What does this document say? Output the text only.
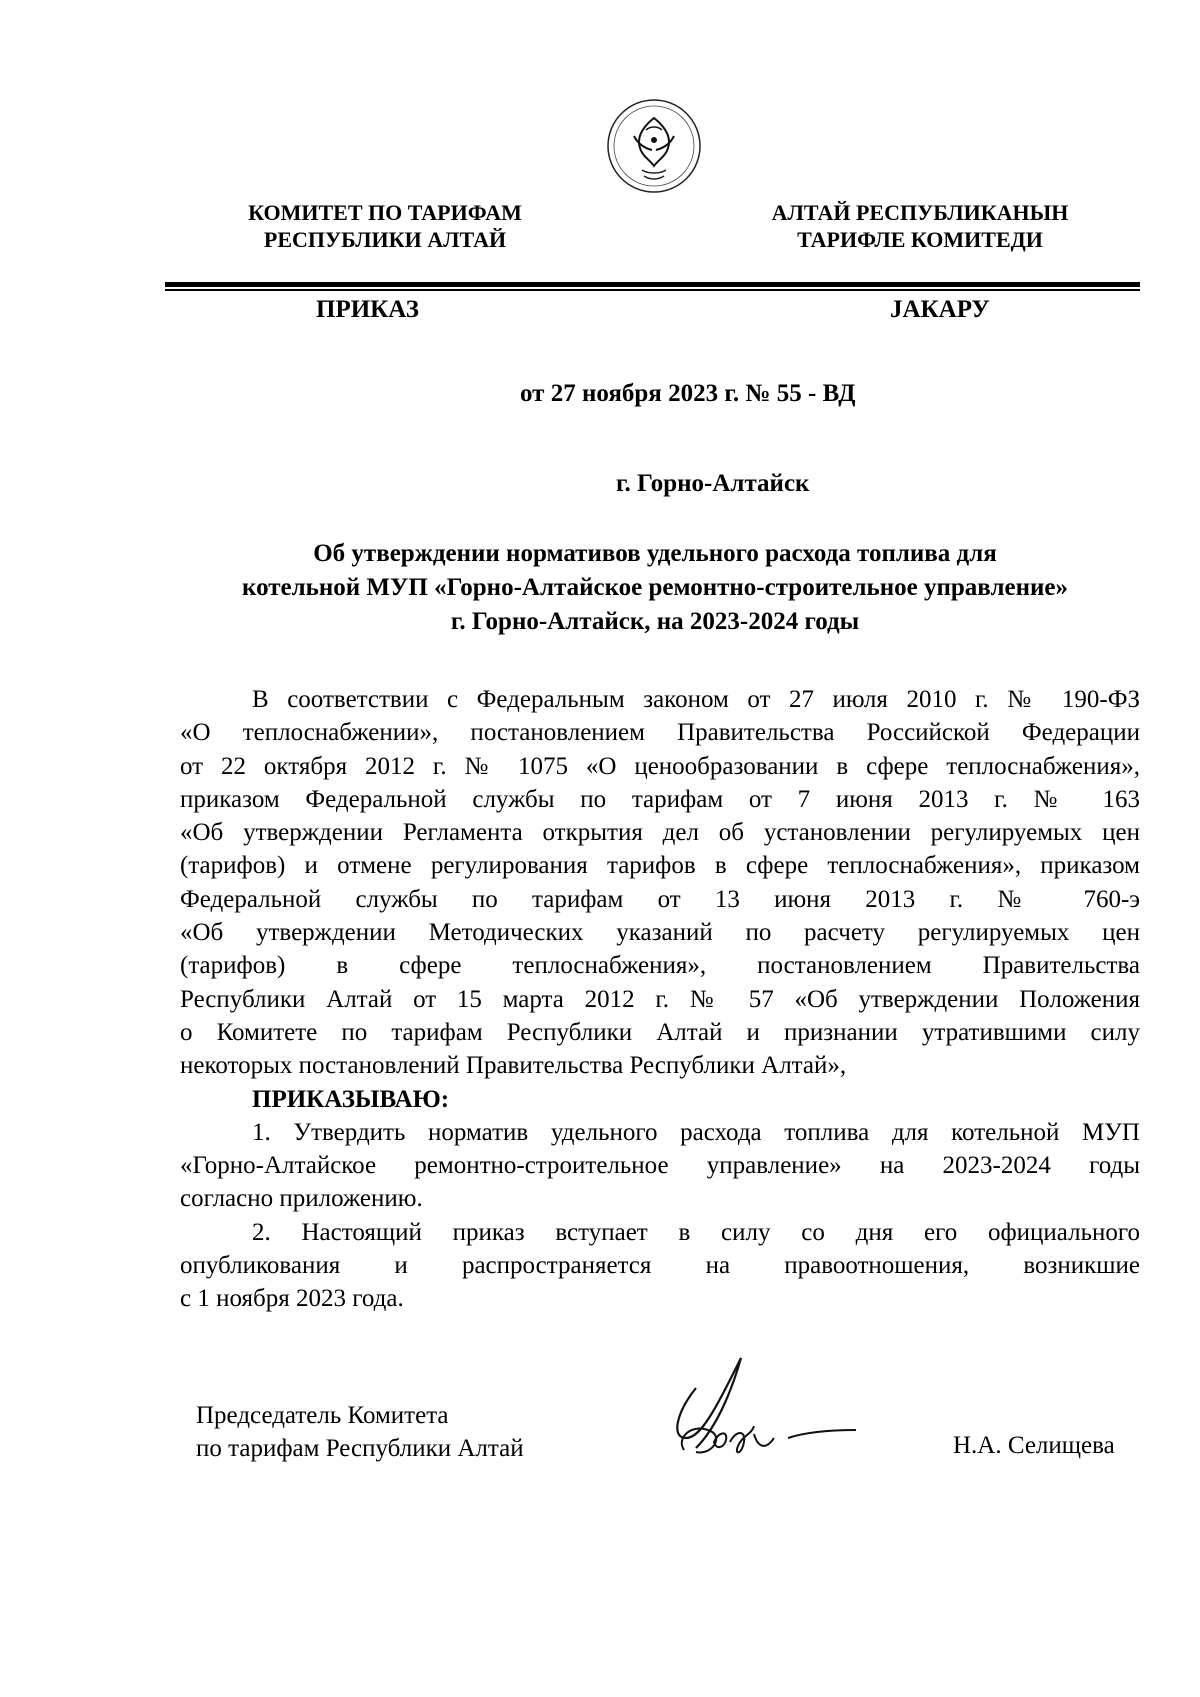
КОМИТЕТ ПО ТАРИФАМ
РЕСПУБЛИКИ АЛТАЙ
АЛТАЙ РЕСПУБЛИКАНЫН
ТАРИФЛЕ КОМИТЕДИ
ПРИКАЗ	JАКАРУ
от 27 ноября 2023 г. № 55 - ВД
г. Горно-Алтайск
Об утверждении нормативов удельного расхода топлива для
котельной МУП «Горно-Алтайское ремонтно-строительное управление»
г. Горно-Алтайск, на 2023-2024 годы
В соответствии с Федеральным законом от 27 июля 2010 г. № 190-ФЗ
«О теплоснабжении», постановлением Правительства Российской Федерации
от 22 октября 2012 г. № 1075 «О ценообразовании в сфере теплоснабжения»,
приказом Федеральной службы по тарифам от 7 июня 2013 г. № 163
«Об утверждении Регламента открытия дел об установлении регулируемых цен
(тарифов) и отмене регулирования тарифов в сфере теплоснабжения», приказом
Федеральной службы по тарифам от 13 июня 2013 г. № 760-э
«Об утверждении Методических указаний по расчету регулируемых цен
(тарифов) в сфере теплоснабжения», постановлением Правительства
Республики Алтай от 15 марта 2012 г. № 57 «Об утверждении Положения
о Комитете по тарифам Республики Алтай и признании утратившими силу
некоторых постановлений Правительства Республики Алтай»,
ПРИКАЗЫВАЮ:
1. Утвердить норматив удельного расхода топлива для котельной МУП
«Горно-Алтайское ремонтно-строительное управление» на 2023-2024 годы
согласно приложению.
2. Настоящий приказ вступает в силу со дня его официального
опубликования и распространяется на правоотношения, возникшие
с 1 ноября 2023 года.
Председатель Комитета
по тарифам Республики Алтай	Н.А. Селищева
